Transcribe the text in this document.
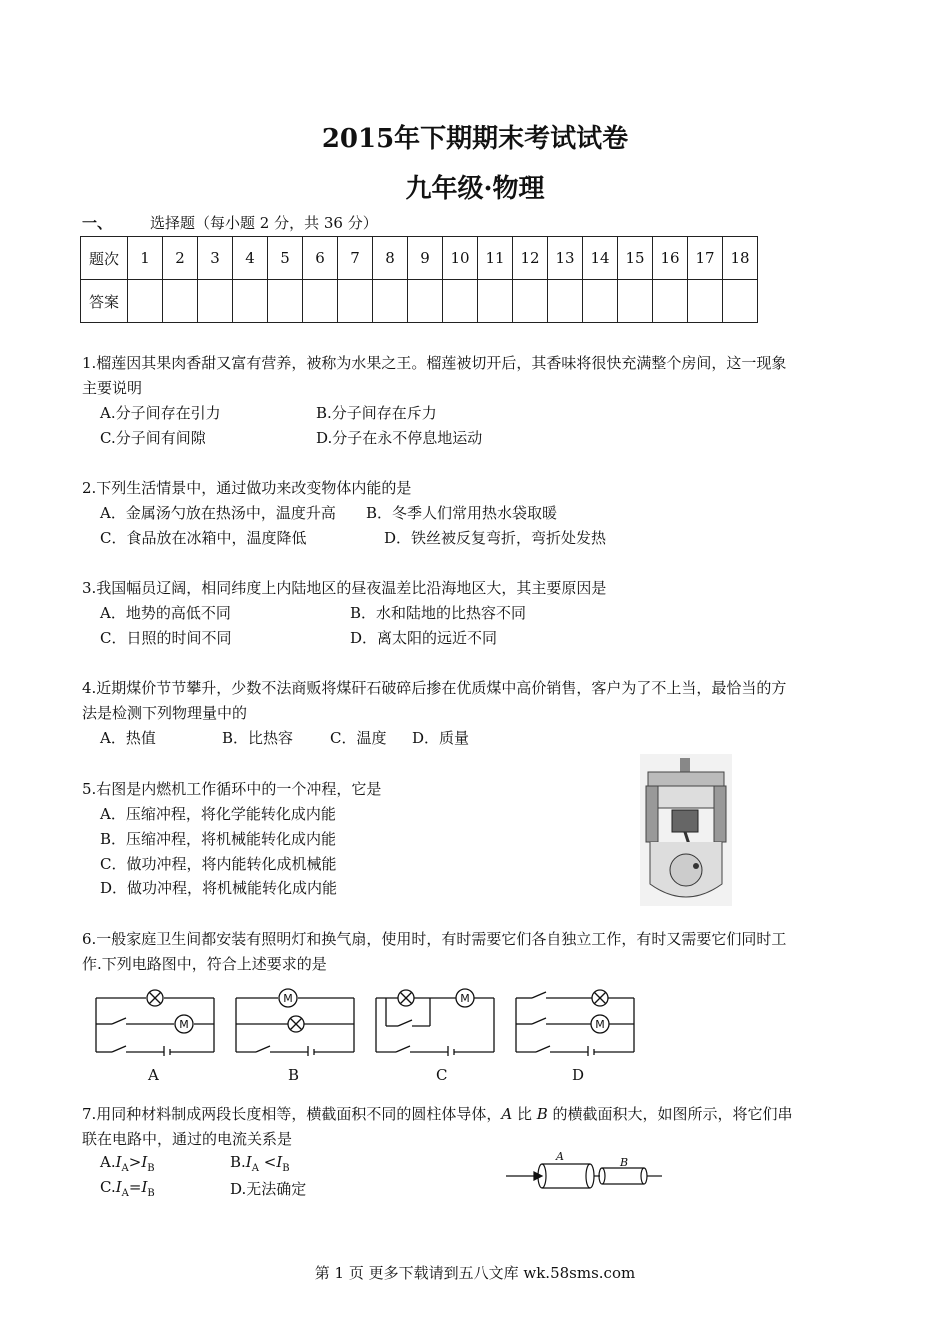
2015年下期期末考试试卷
九年级·物理
一、	选择题（每小题 2 分，共 36 分）
题次	1	2	3	4	5	6	7	8	9	10	11	12	13	14	15	16	17	18
答案																		
1.榴莲因其果肉香甜又富有营养，被称为水果之王。榴莲被切开后，其香味将很快充满整个房间，这一现象
主要说明
A.分子间存在引力	B.分子间存在斥力
C.分子间有间隙	D.分子在永不停息地运动
2.下列生活情景中，通过做功来改变物体内能的是
A．金属汤勺放在热汤中，温度升高 B．冬季人们常用热水袋取暖
C．食品放在冰箱中，温度降低	D．铁丝被反复弯折，弯折处发热
3.我国幅员辽阔，相同纬度上内陆地区的昼夜温差比沿海地区大，其主要原因是
A．地势的高低不同	B．水和陆地的比热容不同
C．日照的时间不同	D．离太阳的远近不同
4.近期煤价节节攀升，少数不法商贩将煤矸石破碎后掺在优质煤中高价销售，客户为了不上当，最恰当的方
法是检测下列物理量中的
A．热值	B．比热容 C．温度 D．质量
5.右图是内燃机工作循环中的一个冲程，它是
A．压缩冲程，将化学能转化成内能
B．压缩冲程，将机械能转化成内能
C．做功冲程，将内能转化成机械能
D．做功冲程，将机械能转化成内能
6.一般家庭卫生间都安装有照明灯和换气扇，使用时，有时需要它们各自独立工作，有时又需要它们同时工
作.下列电路图中，符合上述要求的是
M
A
M
B
M
C
M
D
7.用同种材料制成两段长度相等，横截面积不同的圆柱体导体，A 比 B 的横截面积大，如图所示，将它们串
联在电路中，通过的电流关系是
$A.I_A>I_B$	$B.I_A <I_B$
$C.I_A=I_B$	D.无法确定
A	B
第 1 页 更多下载请到五八文库 wk.58sms.com
